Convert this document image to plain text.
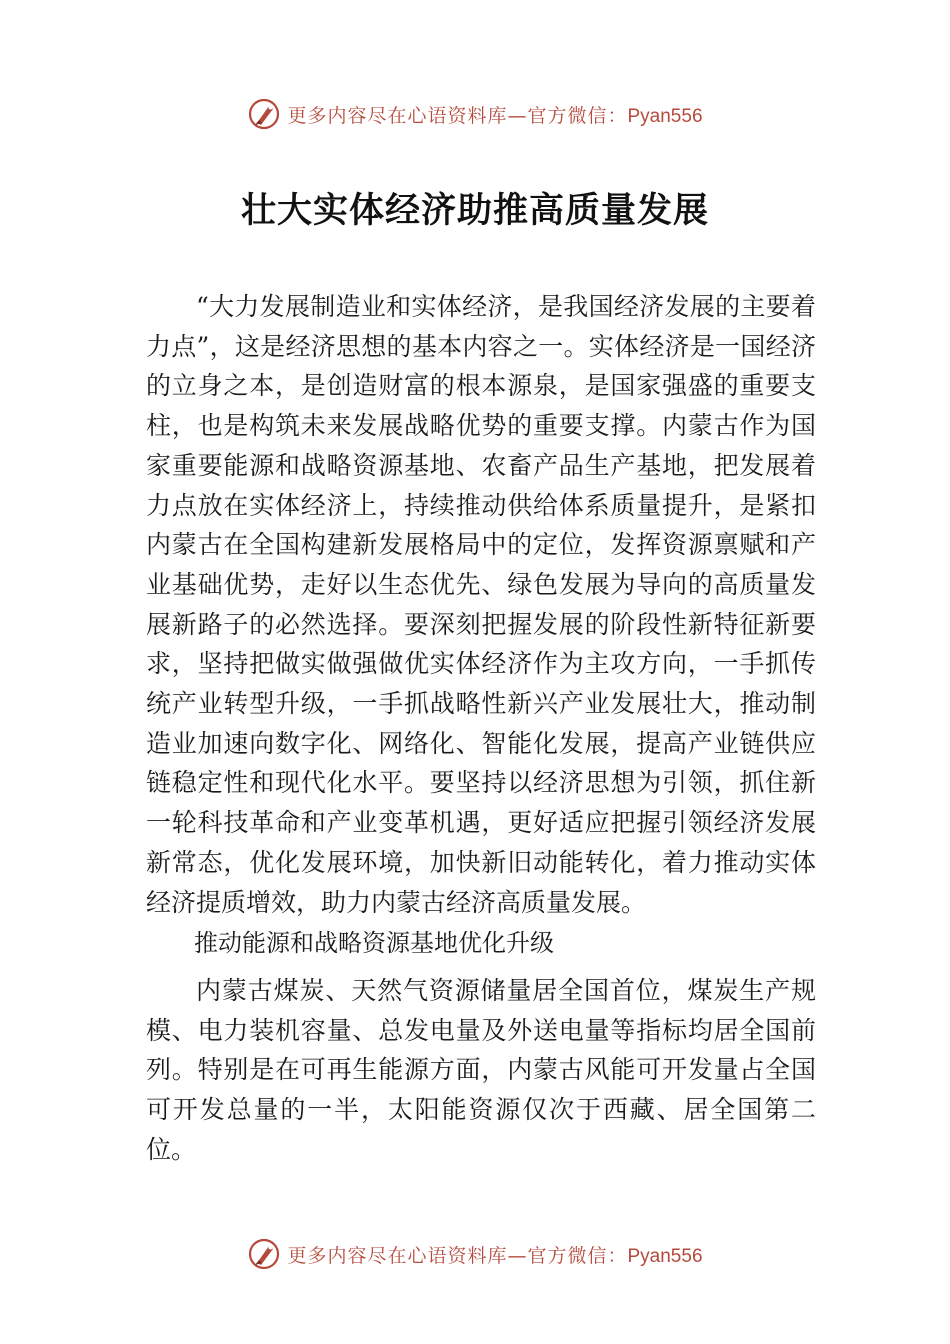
更多内容尽在心语资料库—官方微信：Pyan556
壮大实体经济助推高质量发展

“大力发展制造业和实体经济，是我国经济发展的主要着力点”，这是经济思想的基本内容之一。实体经济是一国经济的立身之本，是创造财富的根本源泉，是国家强盛的重要支柱，也是构筑未来发展战略优势的重要支撑。内蒙古作为国家重要能源和战略资源基地、农畜产品生产基地，把发展着力点放在实体经济上，持续推动供给体系质量提升，是紧扣内蒙古在全国构建新发展格局中的定位，发挥资源禀赋和产业基础优势，走好以生态优先、绿色发展为导向的高质量发展新路子的必然选择。要深刻把握发展的阶段性新特征新要求，坚持把做实做强做优实体经济作为主攻方向，一手抓传统产业转型升级，一手抓战略性新兴产业发展壮大，推动制造业加速向数字化、网络化、智能化发展，提高产业链供应链稳定性和现代化水平。要坚持以经济思想为引领，抓住新一轮科技革命和产业变革机遇，更好适应把握引领经济发展新常态，优化发展环境，加快新旧动能转化，着力推动实体经济提质增效，助力内蒙古经济高质量发展。

推动能源和战略资源基地优化升级

内蒙古煤炭、天然气资源储量居全国首位，煤炭生产规模、电力装机容量、总发电量及外送电量等指标均居全国前列。特别是在可再生能源方面，内蒙古风能可开发量占全国可开发总量的一半，太阳能资源仅次于西藏、居全国第二位。

更多内容尽在心语资料库—官方微信：Pyan556
